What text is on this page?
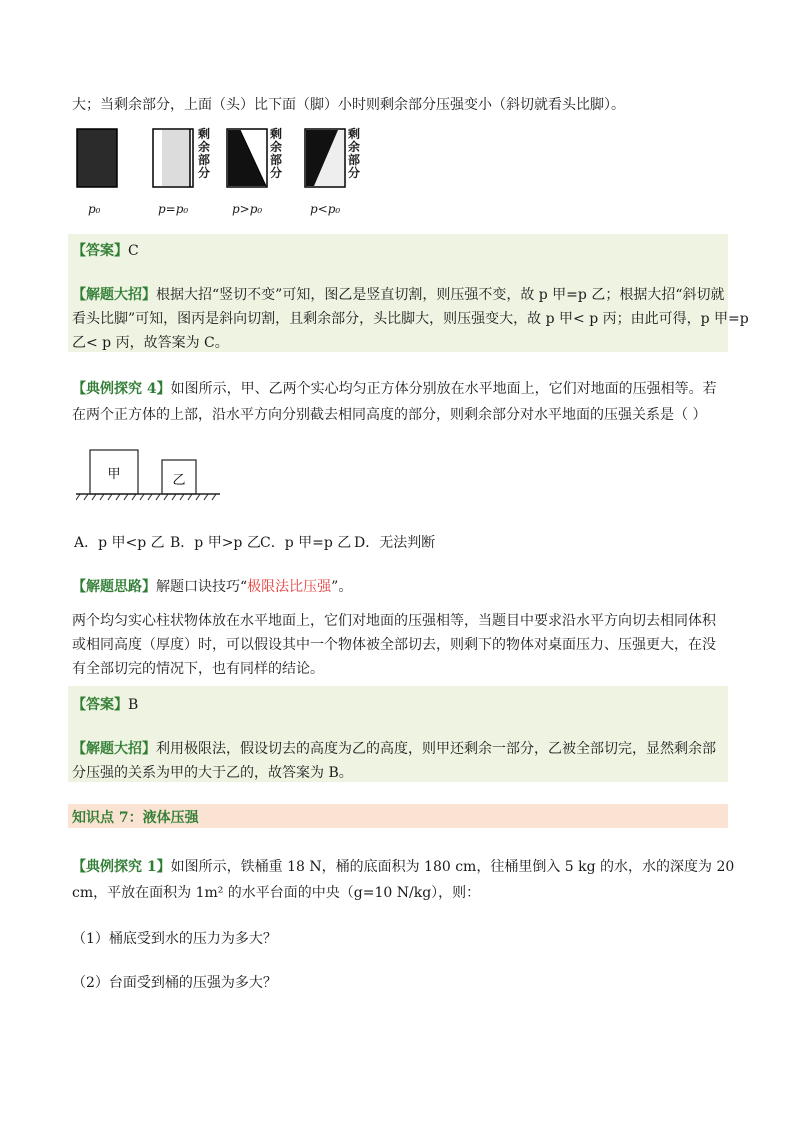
大；当剩余部分，上面（头）比下面（脚）小时则剩余部分压强变小（斜切就看头比脚）。
剩
余
部
分
剩
余
部
分
剩
余
部
分
p₀	p=p₀	p>p₀	p<p₀
【答案】C
【解题大招】根据大招“竖切不变”可知，图乙是竖直切割，则压强不变，故 p 甲=p 乙；根据大招“斜切就
看头比脚”可知，图丙是斜向切割，且剩余部分，头比脚大，则压强变大，故 p 甲< p 丙；由此可得，p 甲=p
乙< p 丙，故答案为 C。
【典例探究 4】如图所示，甲、乙两个实心均匀正方体分别放在水平地面上，它们对地面的压强相等。若
在两个正方体的上部，沿水平方向分别截去相同高度的部分，则剩余部分对水平地面的压强关系是（ ）
甲	乙
A．p 甲<p 乙 B．p 甲>p 乙 C．p 甲=p 乙 D．无法判断
【解题思路】解题口诀技巧“极限法比压强”。
两个均匀实心柱状物体放在水平地面上，它们对地面的压强相等，当题目中要求沿水平方向切去相同体积
或相同高度（厚度）时，可以假设其中一个物体被全部切去，则剩下的物体对桌面压力、压强更大，在没
有全部切完的情况下，也有同样的结论。
【答案】B
【解题大招】利用极限法，假设切去的高度为乙的高度，则甲还剩余一部分，乙被全部切完，显然剩余部
分压强的关系为甲的大于乙的，故答案为 B。
知识点 7：液体压强
【典例探究 1】如图所示，铁桶重 18 N，桶的底面积为 180 cm，往桶里倒入 5 kg 的水，水的深度为 20
cm，平放在面积为 1m² 的水平台面的中央（g=10 N/kg），则：
（1）桶底受到水的压力为多大？
（2）台面受到桶的压强为多大？
